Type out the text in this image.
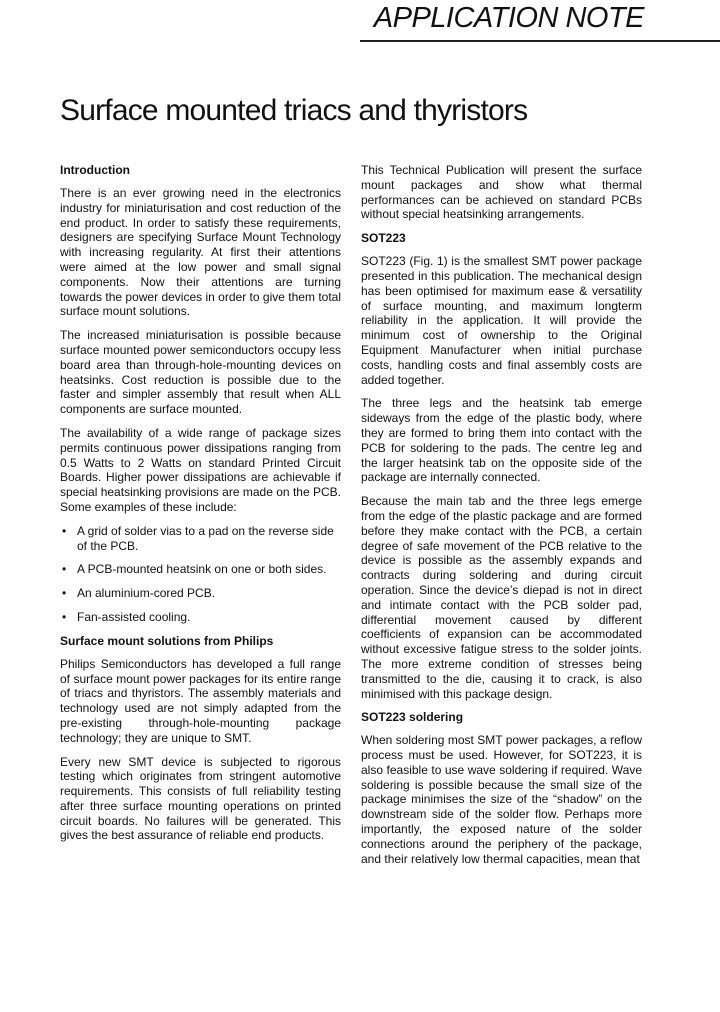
APPLICATION NOTE
Surface mounted triacs and thyristors
Introduction

There is an ever growing need in the electronics industry for miniaturisation and cost reduction of the end product. In order to satisfy these requirements, designers are specifying Surface Mount Technology with increasing regularity. At first their attentions were aimed at the low power and small signal components. Now their attentions are turning towards the power devices in order to give them total surface mount solutions.

The increased miniaturisation is possible because surface mounted power semiconductors occupy less board area than through-hole-mounting devices on heatsinks. Cost reduction is possible due to the faster and simpler assembly that result when ALL components are surface mounted.

The availability of a wide range of package sizes permits continuous power dissipations ranging from 0.5 Watts to 2 Watts on standard Printed Circuit Boards. Higher power dissipations are achievable if special heatsinking provisions are made on the PCB. Some examples of these include:

• A grid of solder vias to a pad on the reverse side of the PCB.
• A PCB-mounted heatsink on one or both sides.
• An aluminium-cored PCB.
• Fan-assisted cooling.
Surface mount solutions from Philips

Philips Semiconductors has developed a full range of surface mount power packages for its entire range of triacs and thyristors. The assembly materials and technology used are not simply adapted from the pre-existing through-hole-mounting package technology; they are unique to SMT.

Every new SMT device is subjected to rigorous testing which originates from stringent automotive requirements. This consists of full reliability testing after three surface mounting operations on printed circuit boards. No failures will be generated. This gives the best assurance of reliable end products.

This Technical Publication will present the surface mount packages and show what thermal performances can be achieved on standard PCBs without special heatsinking arrangements.

SOT223

SOT223 (Fig. 1) is the smallest SMT power package presented in this publication. The mechanical design has been optimised for maximum ease & versatility of surface mounting, and maximum longterm reliability in the application. It will provide the minimum cost of ownership to the Original Equipment Manufacturer when initial purchase costs, handling costs and final assembly costs are added together.

The three legs and the heatsink tab emerge sideways from the edge of the plastic body, where they are formed to bring them into contact with the PCB for soldering to the pads. The centre leg and the larger heatsink tab on the opposite side of the package are internally connected.

Because the main tab and the three legs emerge from the edge of the plastic package and are formed before they make contact with the PCB, a certain degree of safe movement of the PCB relative to the device is possible as the assembly expands and contracts during soldering and during circuit operation. Since the device’s diepad is not in direct and intimate contact with the PCB solder pad, differential movement caused by different coefficients of expansion can be accommodated without excessive fatigue stress to the solder joints. The more extreme condition of stresses being transmitted to the die, causing it to crack, is also minimised with this package design.

SOT223 soldering

When soldering most SMT power packages, a reflow process must be used. However, for SOT223, it is also feasible to use wave soldering if required. Wave soldering is possible because the small size of the package minimises the size of the “shadow” on the downstream side of the solder flow. Perhaps more importantly, the exposed nature of the solder connections around the periphery of the package, and their relatively low thermal capacities, mean that
